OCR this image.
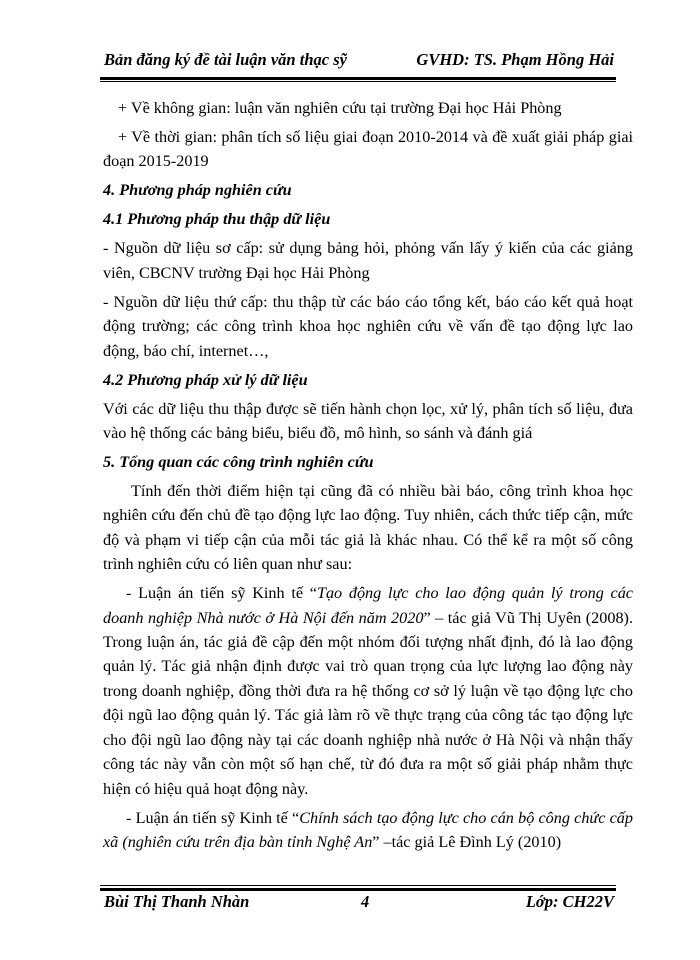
Bản đăng ký đề tài luận văn thạc sỹ	GVHD: TS. Phạm Hồng Hải

+ Về không gian: luận văn nghiên cứu tại trường Đại học Hải Phòng

+ Về thời gian: phân tích số liệu giai đoạn 2010-2014 và đề xuất giải pháp giai đoạn 2015-2019

4. Phương pháp nghiên cứu

4.1 Phương pháp thu thập dữ liệu

- Nguồn dữ liệu sơ cấp: sử dụng bảng hỏi, phỏng vấn lấy ý kiến của các giảng viên, CBCNV trường Đại học Hải Phòng

- Nguồn dữ liệu thứ cấp: thu thập từ các báo cáo tổng kết, báo cáo kết quả hoạt động trường; các công trình khoa học nghiên cứu về vấn đề tạo động lực lao động, báo chí, internet…,

4.2 Phương pháp xử lý dữ liệu

Với các dữ liệu thu thập được sẽ tiến hành chọn lọc, xử lý, phân tích số liệu, đưa vào hệ thống các bảng biểu, biểu đồ, mô hình, so sánh và đánh giá

5. Tổng quan các công trình nghiên cứu

Tính đến thời điểm hiện tại cũng đã có nhiều bài báo, công trình khoa học nghiên cứu đến chủ đề tạo động lực lao động. Tuy nhiên, cách thức tiếp cận, mức độ và phạm vi tiếp cận của mỗi tác giả là khác nhau. Có thể kể ra một số công trình nghiên cứu có liên quan như sau:

- Luận án tiến sỹ Kinh tế “Tạo động lực cho lao động quản lý trong các doanh nghiệp Nhà nước ở Hà Nội đến năm 2020” – tác giả Vũ Thị Uyên (2008). Trong luận án, tác giả đề cập đến một nhóm đối tượng nhất định, đó là lao động quản lý. Tác giả nhận định được vai trò quan trọng của lực lượng lao động này trong doanh nghiệp, đồng thời đưa ra hệ thống cơ sở lý luận về tạo động lực cho đội ngũ lao động quản lý. Tác giả làm rõ về thực trạng của công tác tạo động lực cho đội ngũ lao động này tại các doanh nghiệp nhà nước ở Hà Nội và nhận thấy công tác này vẫn còn một số hạn chế, từ đó đưa ra một số giải pháp nhằm thực hiện có hiệu quả hoạt động này.

- Luận án tiến sỹ Kinh tế “Chính sách tạo động lực cho cán bộ công chức cấp xã (nghiên cứu trên địa bàn tỉnh Nghệ An” –tác giả Lê Đình Lý (2010)

Bùi Thị Thanh Nhàn	4	Lớp: CH22V
